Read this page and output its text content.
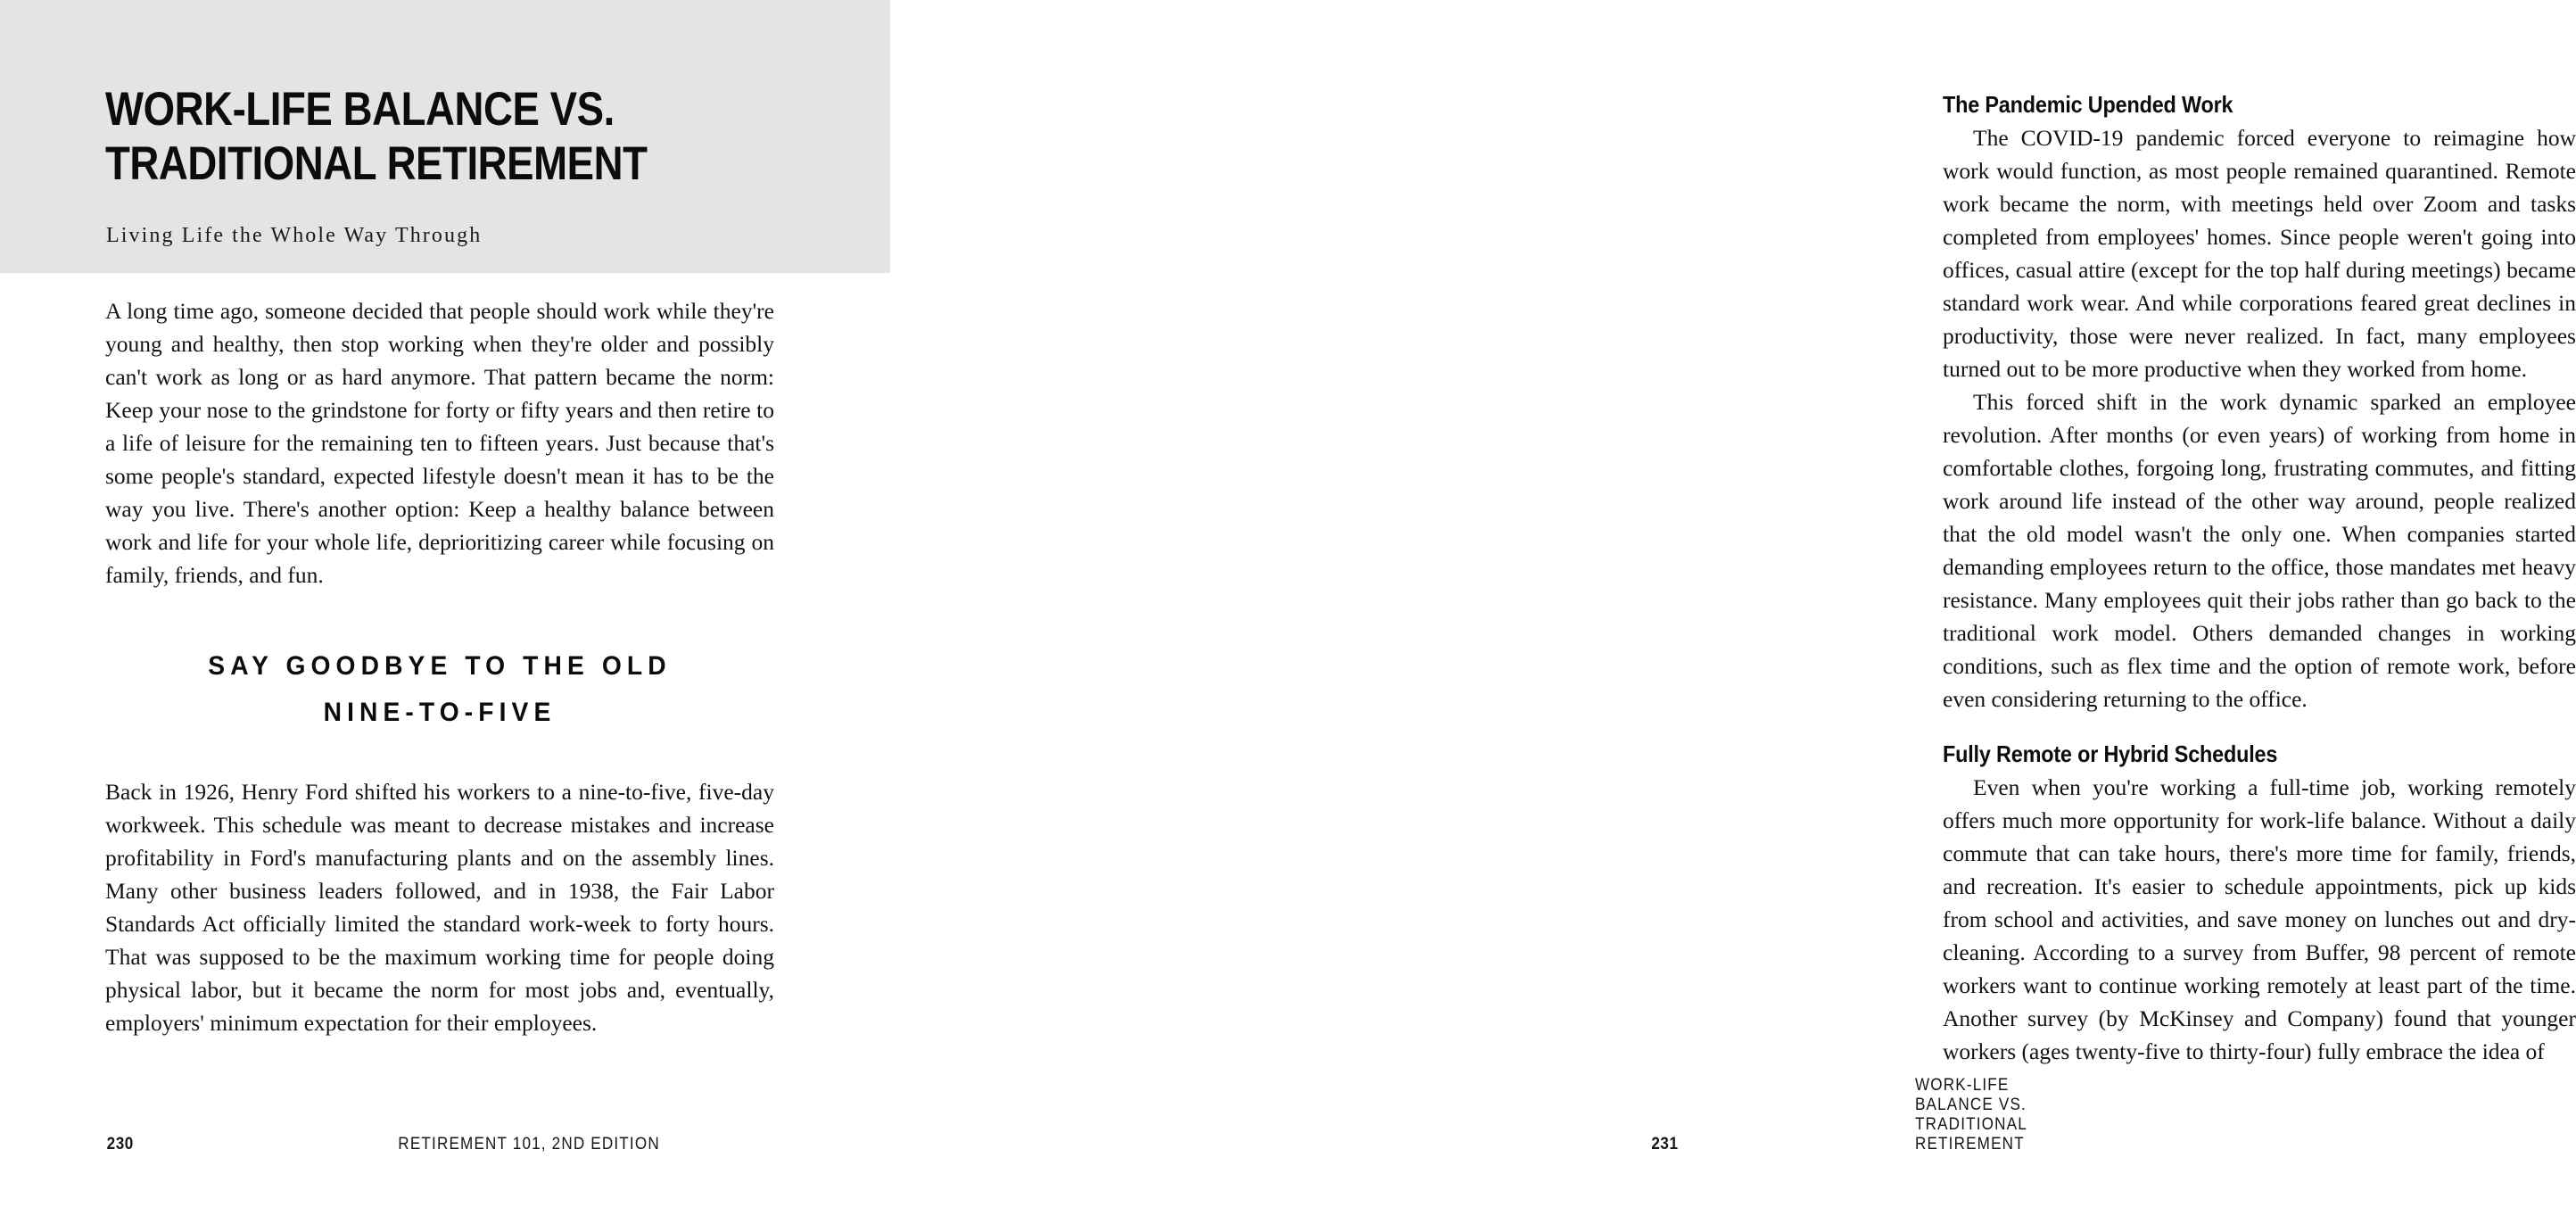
WORK-LIFE BALANCE VS. TRADITIONAL RETIREMENT

Living Life the Whole Way Through

A long time ago, someone decided that people should work while they're young and healthy, then stop working when they're older and possibly can't work as long or as hard anymore. That pattern became the norm: Keep your nose to the grindstone for forty or fifty years and then retire to a life of leisure for the remaining ten to fifteen years. Just because that's some people's standard, expected lifestyle doesn't mean it has to be the way you live. There's another option: Keep a healthy balance between work and life for your whole life, deprioritizing career while focusing on family, friends, and fun.

SAY GOODBYE TO THE OLD
NINE-TO-FIVE

Back in 1926, Henry Ford shifted his workers to a nine-to-five, five-day workweek. This schedule was meant to decrease mistakes and increase profitability in Ford's manufacturing plants and on the assembly lines. Many other business leaders followed, and in 1938, the Fair Labor Standards Act officially limited the standard work-week to forty hours. That was supposed to be the maximum working time for people doing physical labor, but it became the norm for most jobs and, eventually, employers' minimum expectation for their employees.

230	RETIREMENT 101, 2ND EDITION
The Pandemic Upended Work

The COVID-19 pandemic forced everyone to reimagine how work would function, as most people remained quarantined. Remote work became the norm, with meetings held over Zoom and tasks completed from employees' homes. Since people weren't going into offices, casual attire (except for the top half during meetings) became standard work wear. And while corporations feared great declines in productivity, those were never realized. In fact, many employees turned out to be more productive when they worked from home.

This forced shift in the work dynamic sparked an employee revolution. After months (or even years) of working from home in comfortable clothes, forgoing long, frustrating commutes, and fitting work around life instead of the other way around, people realized that the old model wasn't the only one. When companies started demanding employees return to the office, those mandates met heavy resistance. Many employees quit their jobs rather than go back to the traditional work model. Others demanded changes in working conditions, such as flex time and the option of remote work, before even considering returning to the office.

Fully Remote or Hybrid Schedules

Even when you're working a full-time job, working remotely offers much more opportunity for work-life balance. Without a daily commute that can take hours, there's more time for family, friends, and recreation. It's easier to schedule appointments, pick up kids from school and activities, and save money on lunches out and dry-cleaning. According to a survey from Buffer, 98 percent of remote workers want to continue working remotely at least part of the time. Another survey (by McKinsey and Company) found that younger workers (ages twenty-five to thirty-four) fully embrace the idea of

WORK-LIFE BALANCE VS. TRADITIONAL RETIREMENT
231
